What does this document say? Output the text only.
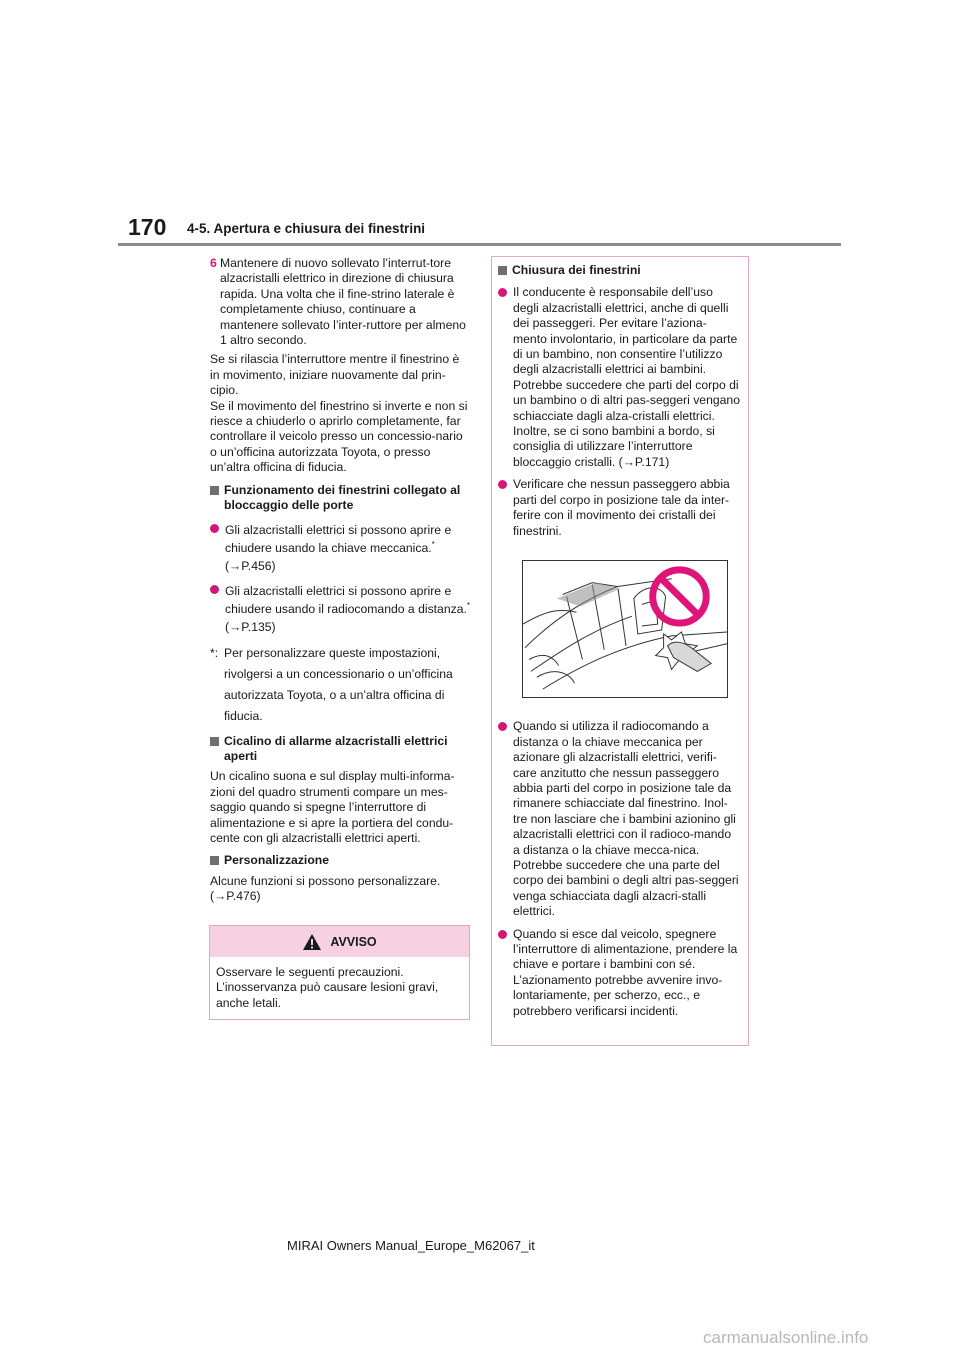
170 4-5. Apertura e chiusura dei finestrini
6 Mantenere di nuovo sollevato l’interrut-tore alzacristalli elettrico in direzione di chiusura rapida. Una volta che il fine-strino laterale è completamente chiuso, continuare a mantenere sollevato l’inter-ruttore per almeno 1 altro secondo.

Se si rilascia l’interruttore mentre il finestrino è in movimento, iniziare nuovamente dal prin-cipio.

Se il movimento del finestrino si inverte e non si riesce a chiuderlo o aprirlo completamente, far controllare il veicolo presso un concessio-nario o un’officina autorizzata Toyota, o presso un’altra officina di fiducia.

Funzionamento dei finestrini collegato al bloccaggio delle porte
Gli alzacristalli elettrici si possono aprire e chiudere usando la chiave meccanica.*
(→P.456)
Gli alzacristalli elettrici si possono aprire e chiudere usando il radiocomando a distanza.* (→P.135)
*: Per personalizzare queste impostazioni, rivolgersi a un concessionario o un’officina autorizzata Toyota, o a un’altra officina di fiducia.
Cicalino di allarme alzacristalli elettrici aperti

Un cicalino suona e sul display multi-informa-zioni del quadro strumenti compare un mes-saggio quando si spegne l’interruttore di alimentazione e si apre la portiera del condu-cente con gli alzacristalli elettrici aperti.

Personalizzazione

Alcune funzioni si possono personalizzare. (→P.476)

AVVISO
Osservare le seguenti precauzioni. L’inosservanza può causare lesioni gravi, anche letali.
Chiusura dei finestrini
Il conducente è responsabile dell’uso degli alzacristalli elettrici, anche di quelli dei passeggeri. Per evitare l’aziona-mento involontario, in particolare da parte di un bambino, non consentire l’utilizzo degli alzacristalli elettrici ai bambini. Potrebbe succedere che parti del corpo di un bambino o di altri pas-seggeri vengano schiacciate dagli alza-cristalli elettrici. Inoltre, se ci sono bambini a bordo, si consiglia di utilizzare l’interruttore bloccaggio cristalli. (→P.171)
Verificare che nessun passeggero abbia parti del corpo in posizione tale da inter-ferire con il movimento dei cristalli dei finestrini.
Quando si utilizza il radiocomando a distanza o la chiave meccanica per azionare gli alzacristalli elettrici, verifi-care anzitutto che nessun passeggero abbia parti del corpo in posizione tale da rimanere schiacciate dal finestrino. Inol-tre non lasciare che i bambini azionino gli alzacristalli elettrici con il radioco-mando a distanza o la chiave mecca-nica. Potrebbe succedere che una parte del corpo dei bambini o degli altri pas-seggeri venga schiacciata dagli alzacri-stalli elettrici.
Quando si esce dal veicolo, spegnere l’interruttore di alimentazione, prendere la chiave e portare i bambini con sé. L’azionamento potrebbe avvenire invo-lontariamente, per scherzo, ecc., e potrebbero verificarsi incidenti.
MIRAI Owners Manual_Europe_M62067_it
carmanualsonline.info
